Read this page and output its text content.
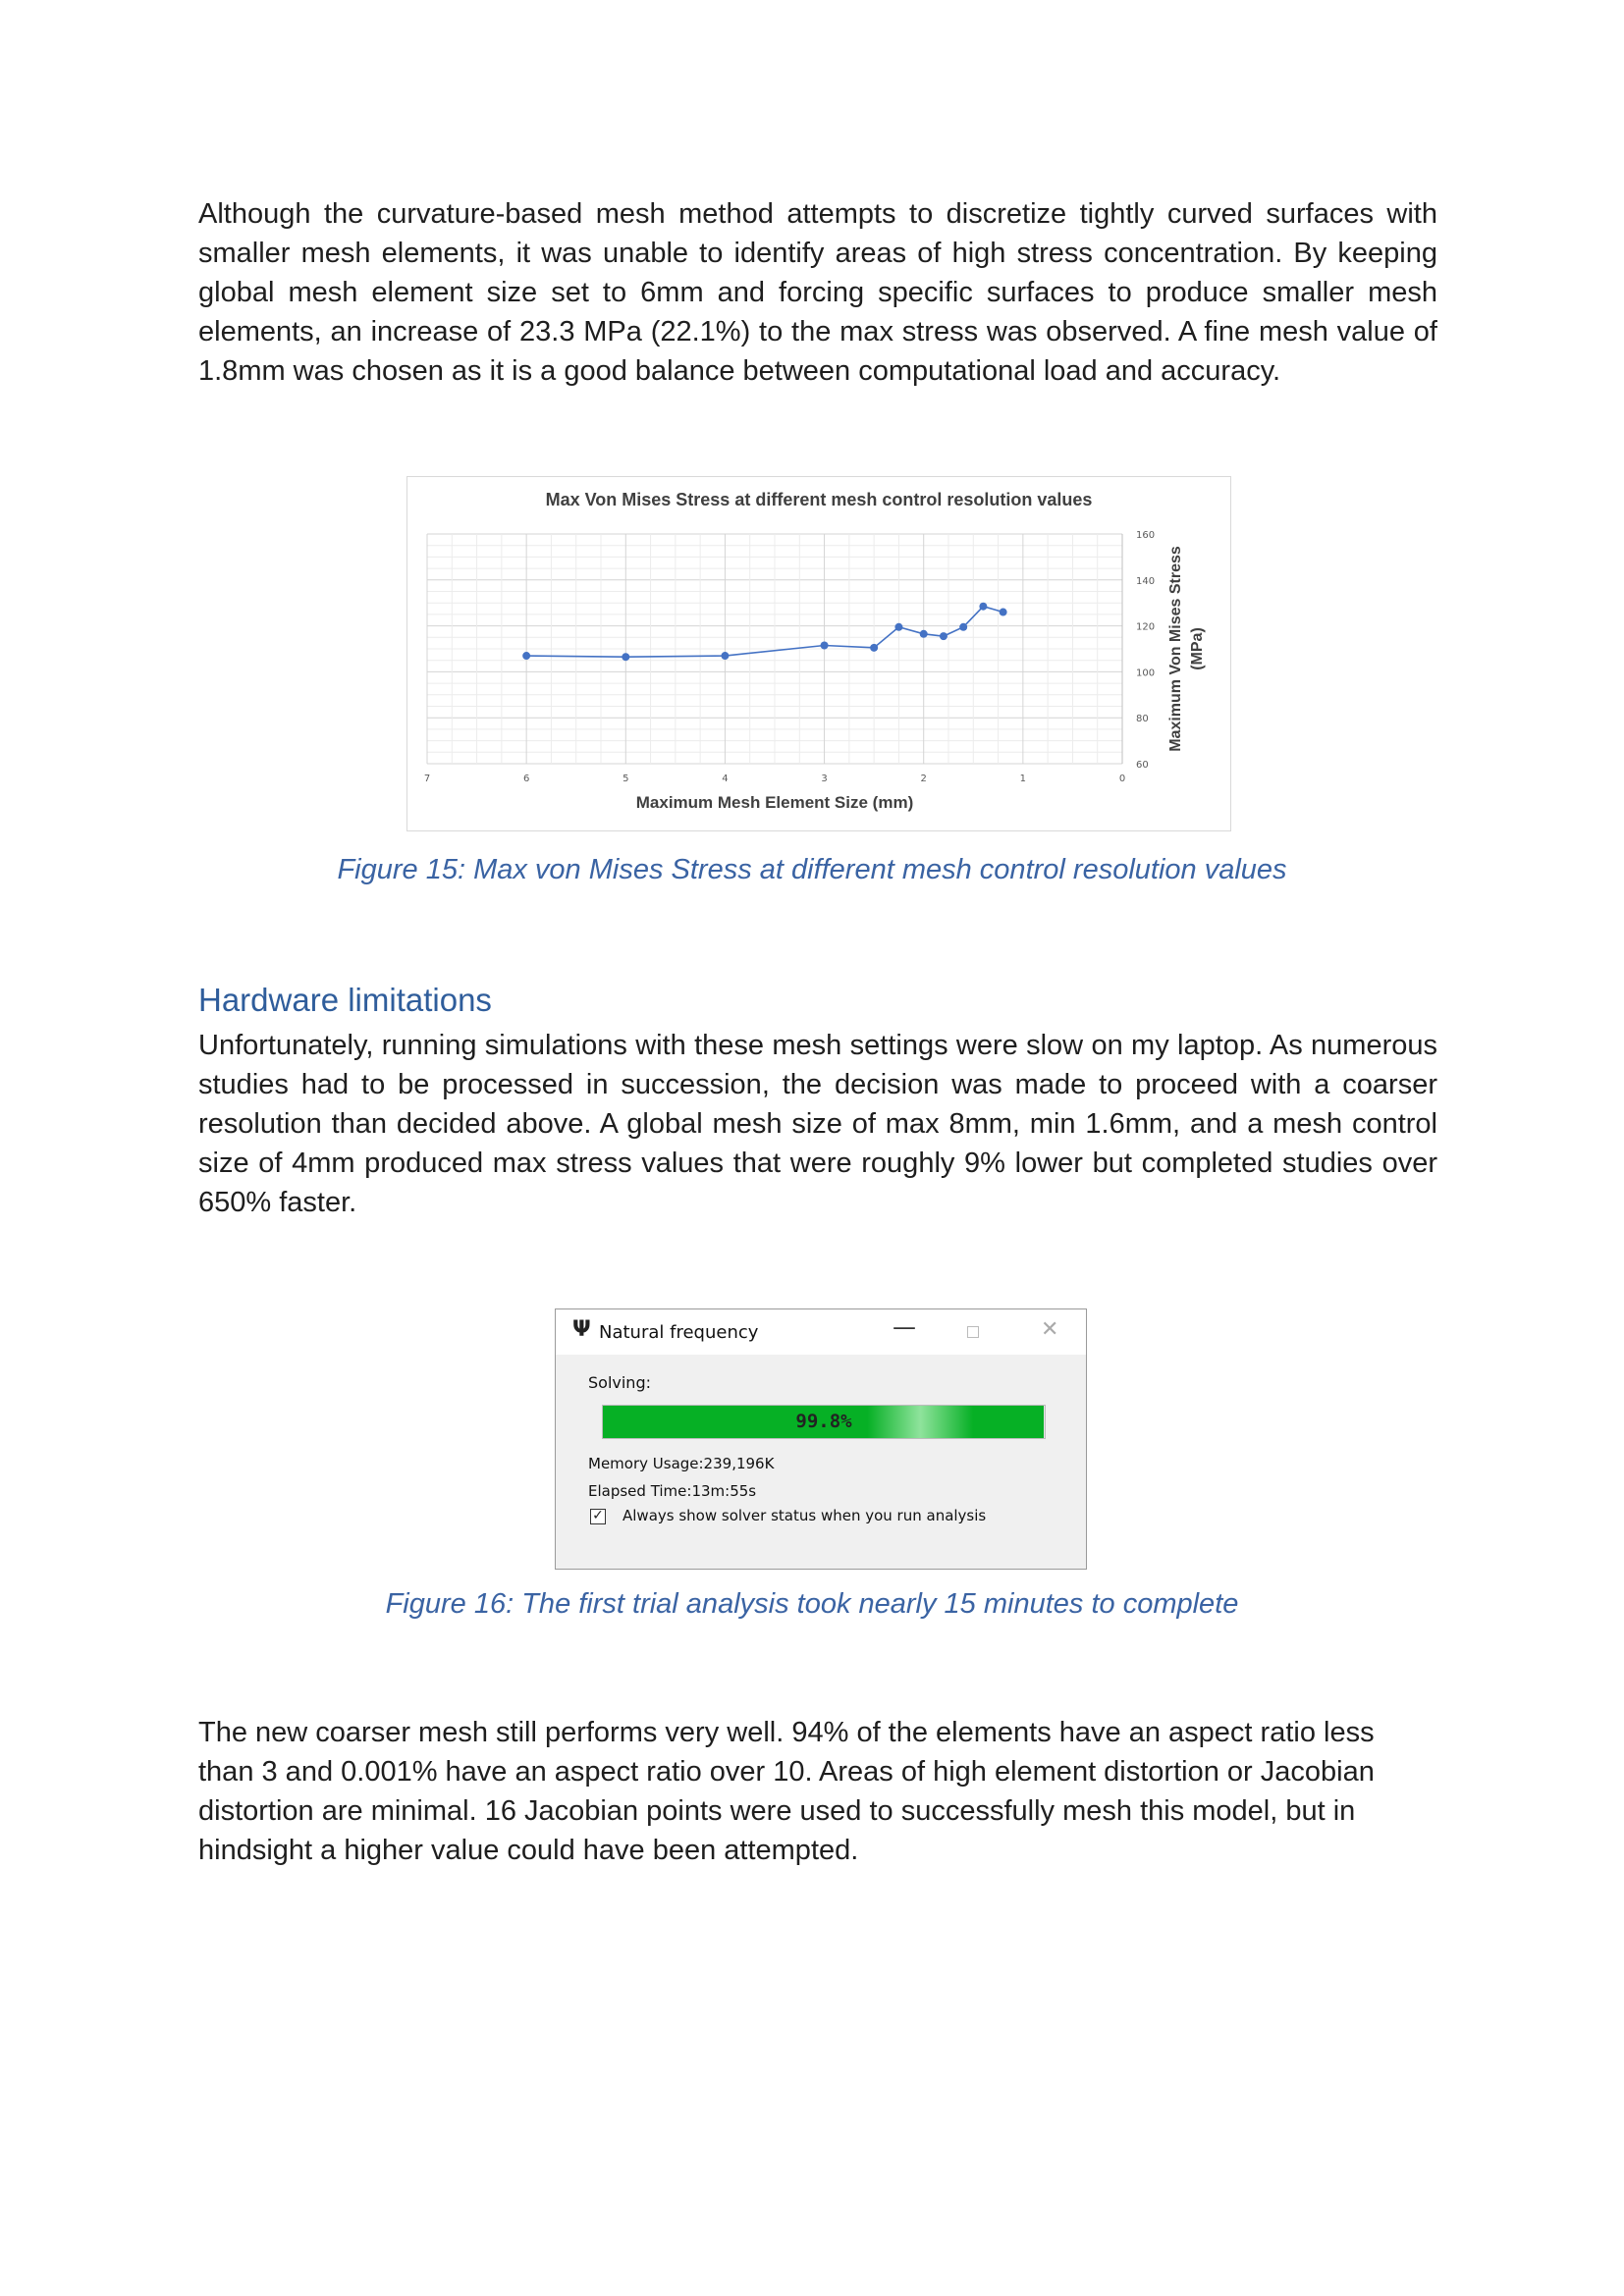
Although the curvature-based mesh method attempts to discretize tightly curved surfaces with smaller mesh elements, it was unable to identify areas of high stress concentration. By keeping global mesh element size set to 6mm and forcing specific surfaces to produce smaller mesh elements, an increase of 23.3 MPa (22.1%) to the max stress was observed. A fine mesh value of 1.8mm was chosen as it is a good balance between computational load and accuracy.

60
80
100
120
140
160
7	6	5	4	3	2	1	0
Max Von Mises Stress at different mesh control resolution values
Maximum Mesh Element Size (mm)
Maximum Von Mises Stress (MPa)

Figure 15: Max von Mises Stress at different mesh control resolution values

Hardware limitations

Unfortunately, running simulations with these mesh settings were slow on my laptop. As numerous studies had to be processed in succession, the decision was made to proceed with a coarser resolution than decided above. A global mesh size of max 8mm, min 1.6mm, and a mesh control size of 4mm produced max stress values that were roughly 9% lower but completed studies over 650% faster.

Ψ Natural frequency	—	✕
Solving:
99.8%
Memory Usage:239,196K
Elapsed Time:13m:55s
✓ Always show solver status when you run analysis

Figure 16: The first trial analysis took nearly 15 minutes to complete

The new coarser mesh still performs very well. 94% of the elements have an aspect ratio less than 3 and 0.001% have an aspect ratio over 10. Areas of high element distortion or Jacobian distortion are minimal. 16 Jacobian points were used to successfully mesh this model, but in hindsight a higher value could have been attempted.
